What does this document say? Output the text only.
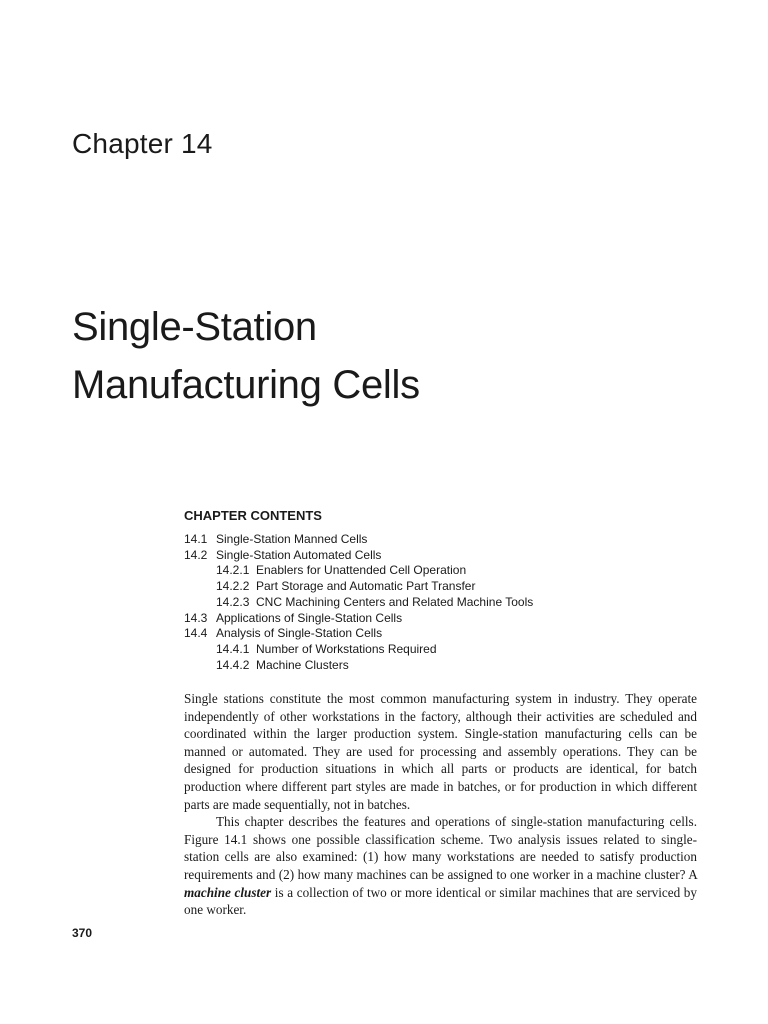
Chapter 14
Single-Station
Manufacturing Cells
CHAPTER CONTENTS
14.1 Single-Station Manned Cells
14.2 Single-Station Automated Cells
14.2.1 Enablers for Unattended Cell Operation
14.2.2 Part Storage and Automatic Part Transfer
14.2.3 CNC Machining Centers and Related Machine Tools
14.3 Applications of Single-Station Cells
14.4 Analysis of Single-Station Cells
14.4.1 Number of Workstations Required
14.4.2 Machine Clusters

Single stations constitute the most common manufacturing system in industry. They operate independently of other workstations in the factory, although their activities are scheduled and coordinated within the larger production system. Single-station manufacturing cells can be manned or automated. They are used for processing and assembly operations. They can be designed for production situations in which all parts or products are identical, for batch production where different part styles are made in batches, or for production in which different parts are made sequentially, not in batches.

This chapter describes the features and operations of single-station manufacturing cells. Figure 14.1 shows one possible classification scheme. Two analysis issues related to single-station cells are also examined: (1) how many workstations are needed to satisfy production requirements and (2) how many machines can be assigned to one worker in a machine cluster? A machine cluster is a collection of two or more identical or similar machines that are serviced by one worker.

370
